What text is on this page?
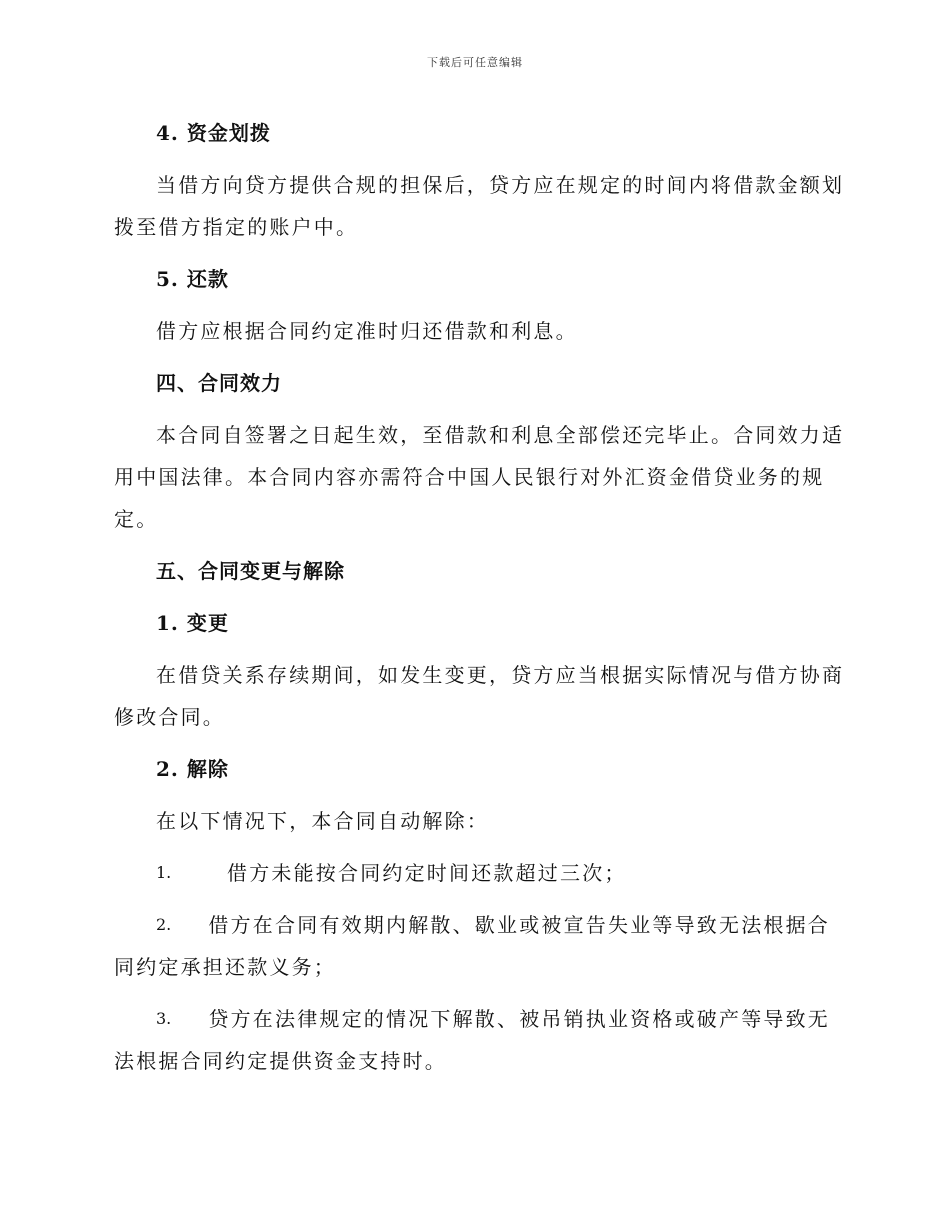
下载后可任意编辑
4. 资金划拨
当借方向贷方提供合规的担保后，贷方应在规定的时间内将借款金额划
拨至借方指定的账户中。
5. 还款
借方应根据合同约定准时归还借款和利息。
四、合同效力
本合同自签署之日起生效，至借款和利息全部偿还完毕止。合同效力适
用中国法律。本合同内容亦需符合中国人民银行对外汇资金借贷业务的规
定。
五、合同变更与解除
1. 变更
在借贷关系存续期间，如发生变更，贷方应当根据实际情况与借方协商
修改合同。
2. 解除
在以下情况下，本合同自动解除：
1.	借方未能按合同约定时间还款超过三次；
2.	借方在合同有效期内解散、歇业或被宣告失业等导致无法根据合
同约定承担还款义务；
3.	贷方在法律规定的情况下解散、被吊销执业资格或破产等导致无
法根据合同约定提供资金支持时。
